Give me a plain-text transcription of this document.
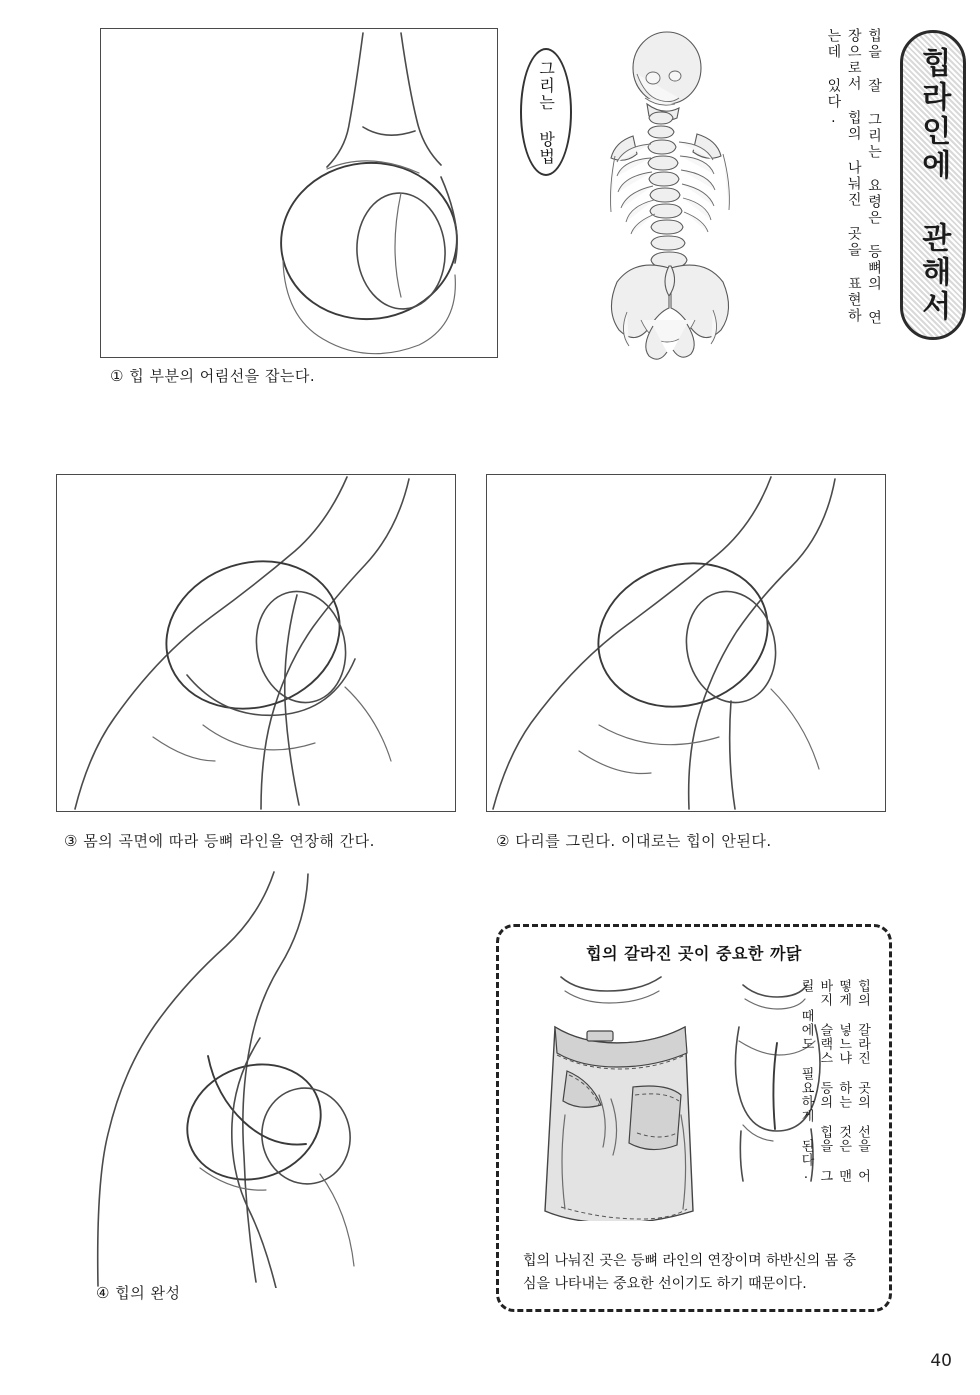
힙라인에 관해서
힙을 잘 그리는 요령은 등뼈의 연장으로서 힙의 나눠진 곳을 표현하는데 있다.
그리는 방법
① 힙 부분의 어림선을 잡는다.
③ 몸의 곡면에 따라 등뼈 라인을 연장해 간다.	② 다리를 그린다. 이대로는 힙이 안된다.
④ 힙의 완성
힙의 갈라진 곳이 중요한 까닭
힙의 갈라진 곳의 선을 어떻게 넣느냐 하는 것은 맨바지 슬랙스 등의 힙을 그릴 때에도 필요하게 된다.
힙의 나눠진 곳은 등뼈 라인의 연장이며 하반신의 몸 중심을 나타내는 중요한 선이기도 하기 때문이다.
40
